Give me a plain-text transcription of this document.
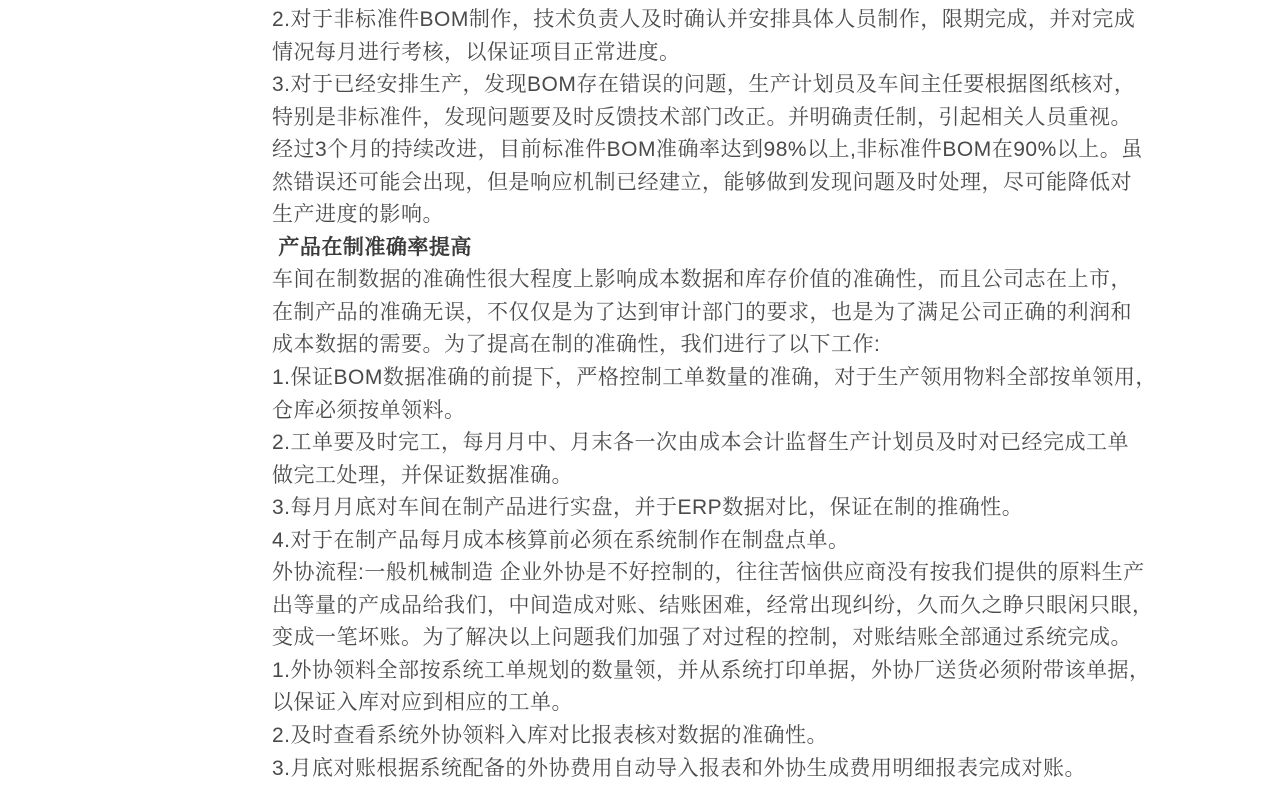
2.对于非标准件BOM制作，技术负责人及时确认并安排具体人员制作，限期完成，并对完成
情况每月进行考核，以保证项目正常进度。
3.对于已经安排生产，发现BOM存在错误的问题，生产计划员及车间主任要根据图纸核对，
特别是非标准件，发现问题要及时反馈技术部门改正。并明确责任制，引起相关人员重视。
经过3个月的持续改进，目前标准件BOM准确率达到98%以上,非标准件BOM在90%以上。虽
然错误还可能会出现，但是响应机制已经建立，能够做到发现问题及时处理，尽可能降低对
生产进度的影响。
产品在制准确率提高
车间在制数据的准确性很大程度上影响成本数据和库存价值的准确性，而且公司志在上市，
在制产品的准确无误，不仅仅是为了达到审计部门的要求，也是为了满足公司正确的利润和
成本数据的需要。为了提高在制的准确性，我们进行了以下工作:
1.保证BOM数据准确的前提下，严格控制工单数量的准确，对于生产领用物料全部按单领用，
仓库必须按单领料。
2.工单要及时完工，每月月中、月末各一次由成本会计监督生产计划员及时对已经完成工单
做完工处理，并保证数据准确。
3.每月月底对车间在制产品进行实盘，并于ERP数据对比，保证在制的推确性。
4.对于在制产品每月成本核算前必须在系统制作在制盘点单。
外协流程:一般机械制造 企业外协是不好控制的，往往苦恼供应商没有按我们提供的原料生产
出等量的产成品给我们，中间造成对账、结账困难，经常出现纠纷，久而久之睁只眼闲只眼，
变成一笔坏账。为了解决以上问题我们加强了对过程的控制，对账结账全部通过系统完成。
1.外协领料全部按系统工单规划的数量领，并从系统打印单据，外协厂送货必须附带该单据，
以保证入库对应到相应的工单。
2.及时查看系统外协领料入库对比报表核对数据的准确性。
3.月底对账根据系统配备的外协费用自动导入报表和外协生成费用明细报表完成对账。
